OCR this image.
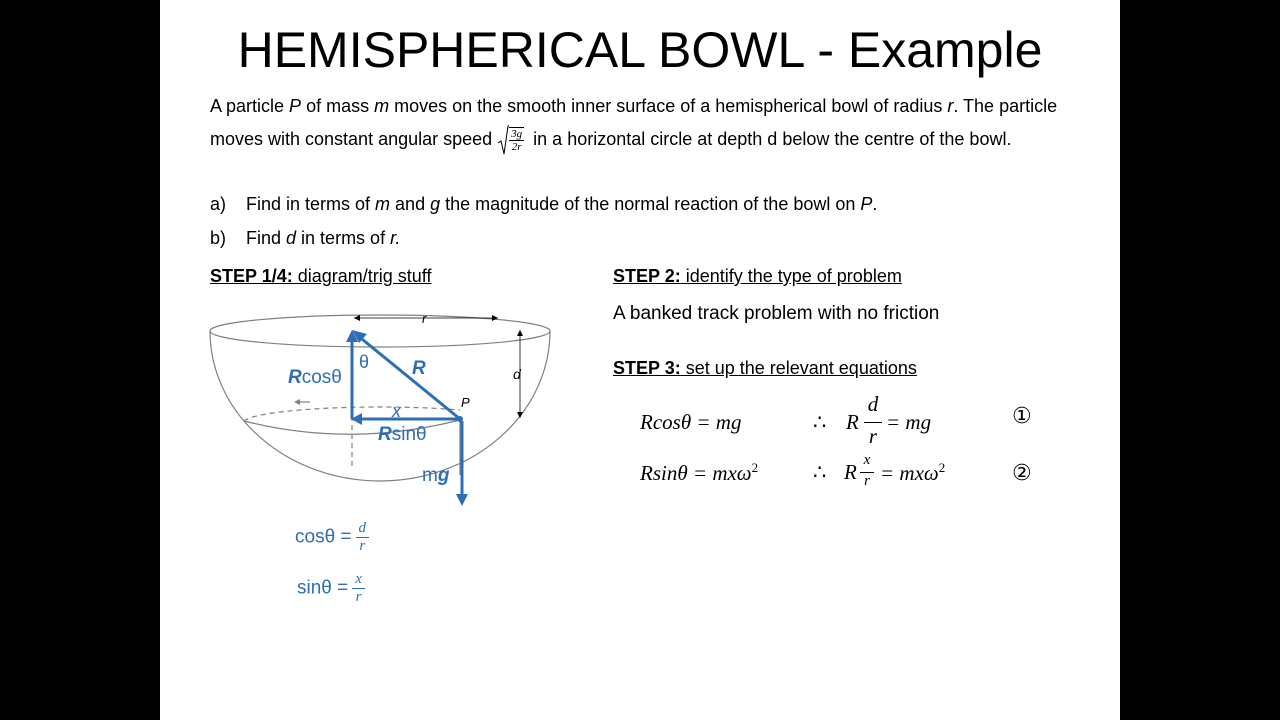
HEMISPHERICAL BOWL - Example
A particle P of mass m moves on the smooth inner surface of a hemispherical bowl of radius r. The particle moves with constant angular speed $\frac{3g}{2r}$ in a horizontal circle at depth d below the centre of the bowl.
a) Find in terms of m and g the magnitude of the normal reaction of the bowl on P.
b) Find d in terms of r.
STEP 1/4: diagram/trig stuff	STEP 2: identify the type of problem
A banked track problem with no friction
STEP 3: set up the relevant equations
Rcosθ = mg	∴ R
d
r
= mg	①
Rsinθ = mxω$^2$	∴ R x
r = mxω$^2$	②
r
d
P
θ R
Rcosθ
x
Rsinθ
mg
$\cos\theta = \frac{d}{r}$
$\sin\theta = \frac{x}{r}$
